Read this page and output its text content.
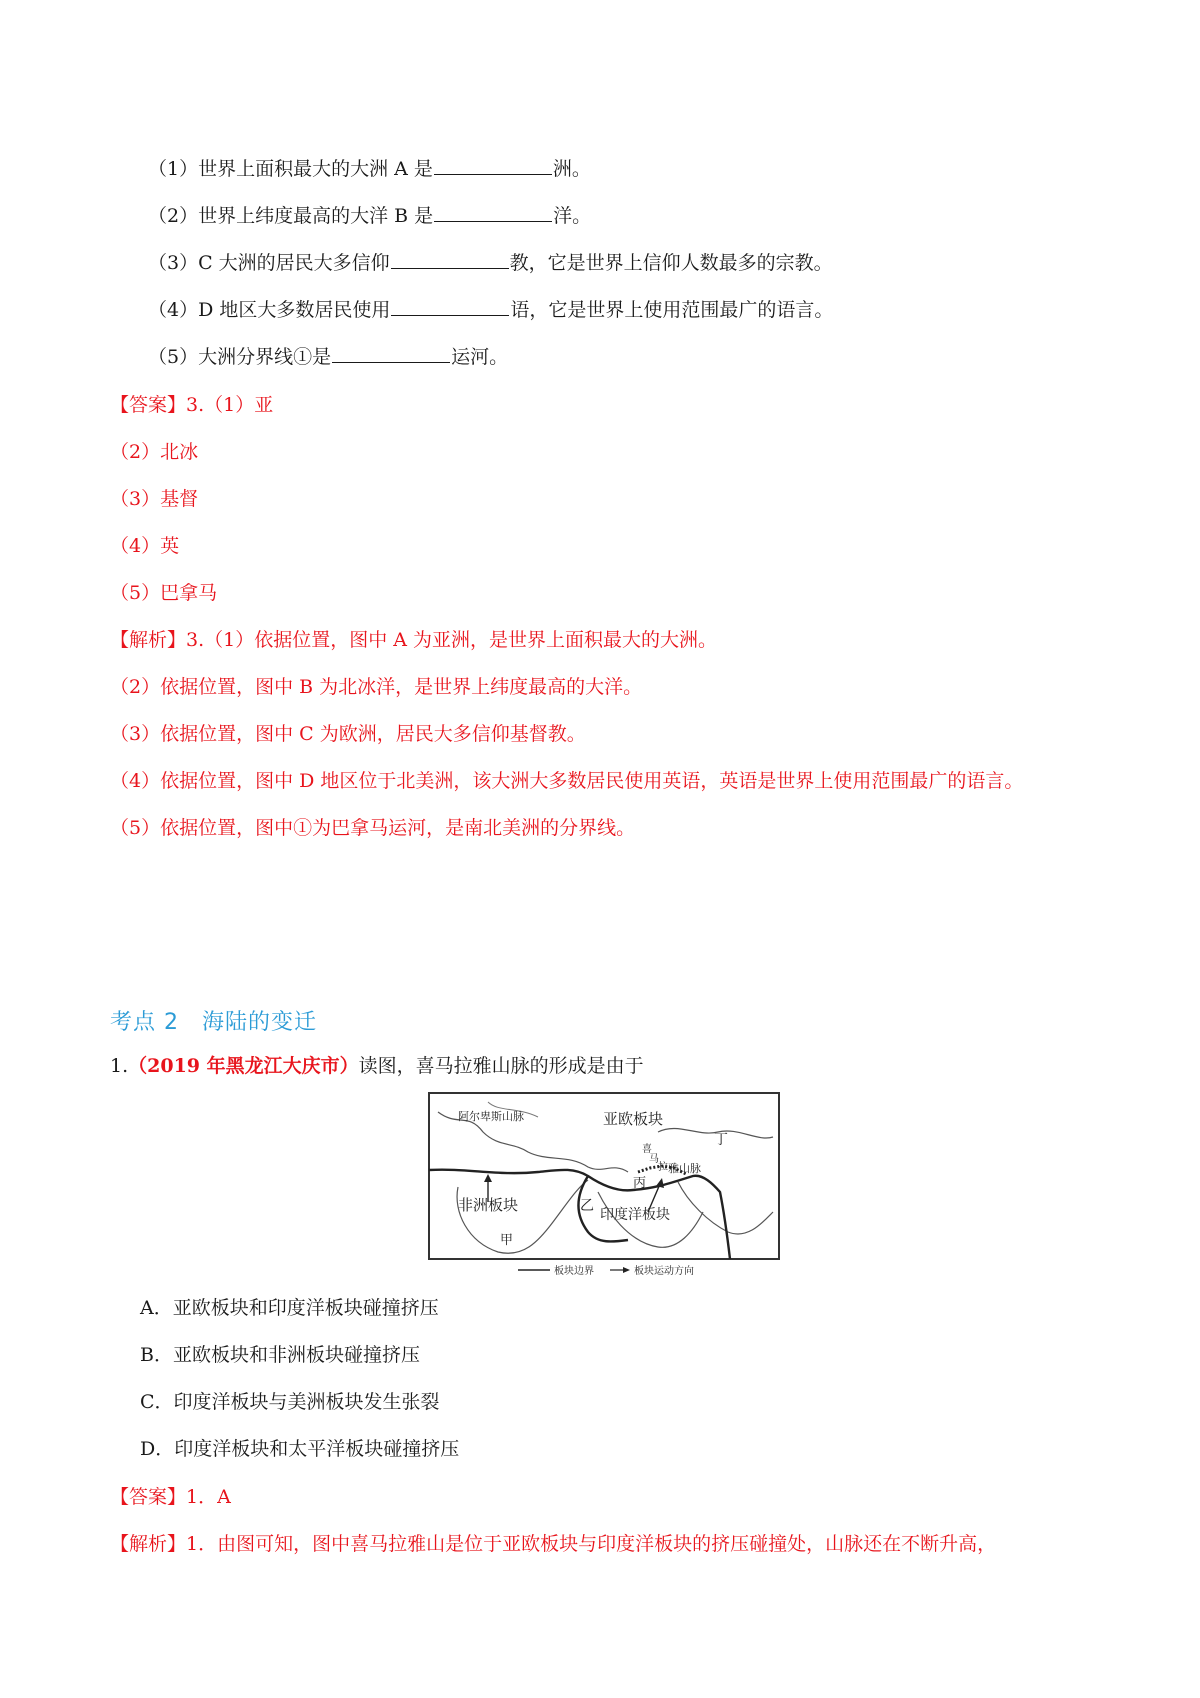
（1）世界上面积最大的大洲 A 是	洲。
（2）世界上纬度最高的大洋 B 是	洋。
（3）C 大洲的居民大多信仰	教，它是世界上信仰人数最多的宗教。
（4）D 地区大多数居民使用	语，它是世界上使用范围最广的语言。
（5）大洲分界线①是	运河。
【答案】3.（1）亚
（2）北冰
（3）基督
（4）英
（5）巴拿马
【解析】3.（1）依据位置，图中 A 为亚洲，是世界上面积最大的大洲。
（2）依据位置，图中 B 为北冰洋，是世界上纬度最高的大洋。
（3）依据位置，图中 C 为欧洲，居民大多信仰基督教。
（4）依据位置，图中 D 地区位于北美洲，该大洲大多数居民使用英语，英语是世界上使用范围最广的语言。
（5）依据位置，图中①为巴拿马运河，是南北美洲的分界线。
考点 2　海陆的变迁
1.（2019 年黑龙江大庆市）读图，喜马拉雅山脉的形成是由于
阿尔卑斯山脉	亚欧板块
丁
喜
马
拉 雅山脉
丙
非洲板块	乙
印度洋板块
甲
板块边界	板块运动方向
A．亚欧板块和印度洋板块碰撞挤压
B．亚欧板块和非洲板块碰撞挤压
C．印度洋板块与美洲板块发生张裂
D．印度洋板块和太平洋板块碰撞挤压
【答案】1．A
【解析】1．由图可知，图中喜马拉雅山是位于亚欧板块与印度洋板块的挤压碰撞处，山脉还在不断升高，
